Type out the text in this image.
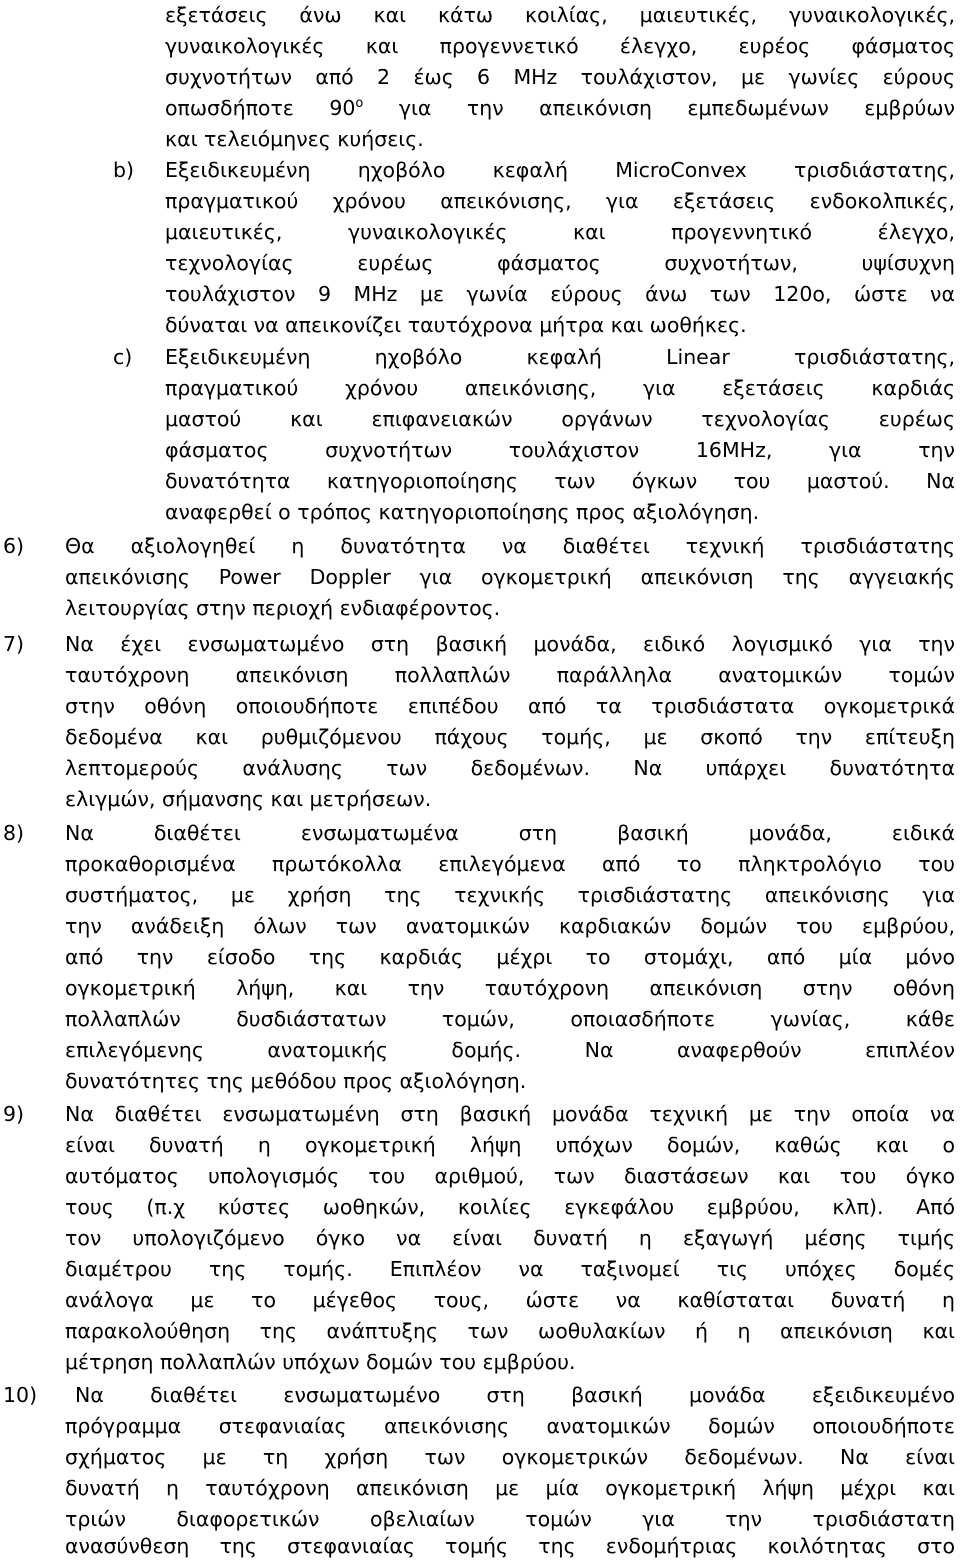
εξετάσεις άνω και κάτω κοιλίας, μαιευτικές, γυναικολογικές,
γυναικολογικές και προγεννετικό έλεγχο, ευρέος φάσματος
συχνοτήτων από 2 έως 6 MHz τουλάχιστον, με γωνίες εύρους
οπωσδήποτε $90^o$ για την απεικόνιση εμπεδωμένων εμβρύων
και τελειόμηνες κυήσεις.
b) Εξειδικευμένη ηχοβόλο κεφαλή MicroConvex τρισδιάστατης,
πραγματικού χρόνου απεικόνισης, για εξετάσεις ενδοκολπικές,
μαιευτικές, γυναικολογικές και προγεννητικό έλεγχο,
τεχνολογίας ευρέως φάσματος συχνοτήτων, υψίσυχνη
τουλάχιστον 9 MHz με γωνία εύρους άνω των 120ο, ώστε να
δύναται να απεικονίζει ταυτόχρονα μήτρα και ωοθήκες.
c) Εξειδικευμένη ηχοβόλο κεφαλή Linear τρισδιάστατης,
πραγματικού χρόνου απεικόνισης, για εξετάσεις καρδιάς
μαστού και επιφανειακών οργάνων τεχνολογίας ευρέως
φάσματος συχνοτήτων τουλάχιστον 16MHz, για την
δυνατότητα κατηγοριοποίησης των όγκων του μαστού. Να
αναφερθεί ο τρόπος κατηγοριοποίησης προς αξιολόγηση.
6) Θα αξιολογηθεί η δυνατότητα να διαθέτει τεχνική τρισδιάστατης
απεικόνισης Power Doppler για ογκομετρική απεικόνιση της αγγειακής
λειτουργίας στην περιοχή ενδιαφέροντος.
7) Να έχει ενσωματωμένο στη βασική μονάδα, ειδικό λογισμικό για την
ταυτόχρονη απεικόνιση πολλαπλών παράλληλα ανατομικών τομών
στην οθόνη οποιουδήποτε επιπέδου από τα τρισδιάστατα ογκομετρικά
δεδομένα και ρυθμιζόμενου πάχους τομής, με σκοπό την επίτευξη
λεπτομερούς ανάλυσης των δεδομένων. Να υπάρχει δυνατότητα
ελιγμών, σήμανσης και μετρήσεων.
8) Να διαθέτει ενσωματωμένα στη βασική μονάδα, ειδικά
προκαθορισμένα πρωτόκολλα επιλεγόμενα από το πληκτρολόγιο του
συστήματος, με χρήση της τεχνικής τρισδιάστατης απεικόνισης για
την ανάδειξη όλων των ανατομικών καρδιακών δομών του εμβρύου,
από την είσοδο της καρδιάς μέχρι το στομάχι, από μία μόνο
ογκομετρική λήψη, και την ταυτόχρονη απεικόνιση στην οθόνη
πολλαπλών δυσδιάστατων τομών, οποιασδήποτε γωνίας, κάθε
επιλεγόμενης ανατομικής δομής. Να αναφερθούν επιπλέον
δυνατότητες της μεθόδου προς αξιολόγηση.
9) Να διαθέτει ενσωματωμένη στη βασική μονάδα τεχνική με την οποία να
είναι δυνατή η ογκομετρική λήψη υπόχων δομών, καθώς και ο
αυτόματος υπολογισμός του αριθμού, των διαστάσεων και του όγκο
τους (π.χ κύστες ωοθηκών, κοιλίες εγκεφάλου εμβρύου, κλπ). Από
τον υπολογιζόμενο όγκο να είναι δυνατή η εξαγωγή μέσης τιμής
διαμέτρου της τομής. Επιπλέον να ταξινομεί τις υπόχες δομές
ανάλογα με το μέγεθος τους, ώστε να καθίσταται δυνατή η
παρακολούθηση της ανάπτυξης των ωοθυλακίων ή η απεικόνιση και
μέτρηση πολλαπλών υπόχων δομών του εμβρύου.
10) Να διαθέτει ενσωματωμένο στη βασική μονάδα εξειδικευμένο
πρόγραμμα στεφανιαίας απεικόνισης ανατομικών δομών οποιουδήποτε
σχήματος με τη χρήση των ογκομετρικών δεδομένων. Να είναι
δυνατή η ταυτόχρονη απεικόνιση με μία ογκομετρική λήψη μέχρι και
τριών διαφορετικών οβελιαίων τομών για την τρισδιάστατη
ανασύνθεση της στεφανιαίας τομής της ενδομήτριας κοιλότητας στο
